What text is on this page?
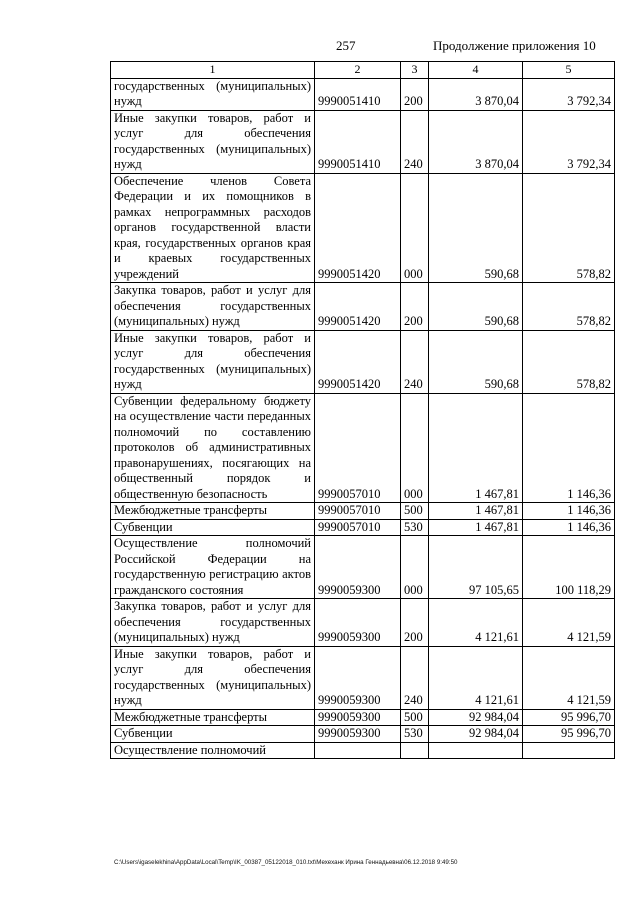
257	Продолжение приложения 10
1	2	3	4	5

государственных (муниципальных) нужд	9990051410	200	3 870,04	3 792,34

Иные закупки товаров, работ и услуг для обеспечения государственных (муниципальных) нужд	9990051410	240	3 870,04	3 792,34

Обеспечение членов Совета Федерации и их помощников в рамках непрограммных расходов органов государственной власти края, государственных органов края и краевых государственных учреждений	9990051420	000	590,68	578,82

Закупка товаров, работ и услуг для обеспечения государственных (муниципальных) нужд	9990051420	200	590,68	578,82

Иные закупки товаров, работ и услуг для обеспечения государственных (муниципальных) нужд	9990051420	240	590,68	578,82

Субвенции федеральному бюджету на осуществление части переданных полномочий по составлению протоколов об административных правонарушениях, посягающих на общественный порядок и общественную безопасность	9990057010	000	1 467,81	1 146,36

Межбюджетные трансферты	9990057010	500	1 467,81	1 146,36

Субвенции	9990057010	530	1 467,81	1 146,36

Осуществление полномочий Российской Федерации на государственную регистрацию актов гражданского состояния	9990059300	000	97 105,65	100 118,29

Закупка товаров, работ и услуг для обеспечения государственных (муниципальных) нужд	9990059300	200	4 121,61	4 121,59

Иные закупки товаров, работ и услуг для обеспечения государственных (муниципальных) нужд	9990059300	240	4 121,61	4 121,59

Межбюджетные трансферты	9990059300	500	92 984,04	95 996,70

Субвенции	9990059300	530	92 984,04	95 996,70

Осуществление полномочий				

C:\Users\igaselekhina\AppData\Local\Temp\IK_00387_05122018_010.txt\Мехеханк Ирина Геннадьевна\06.12.2018 9:49:50
